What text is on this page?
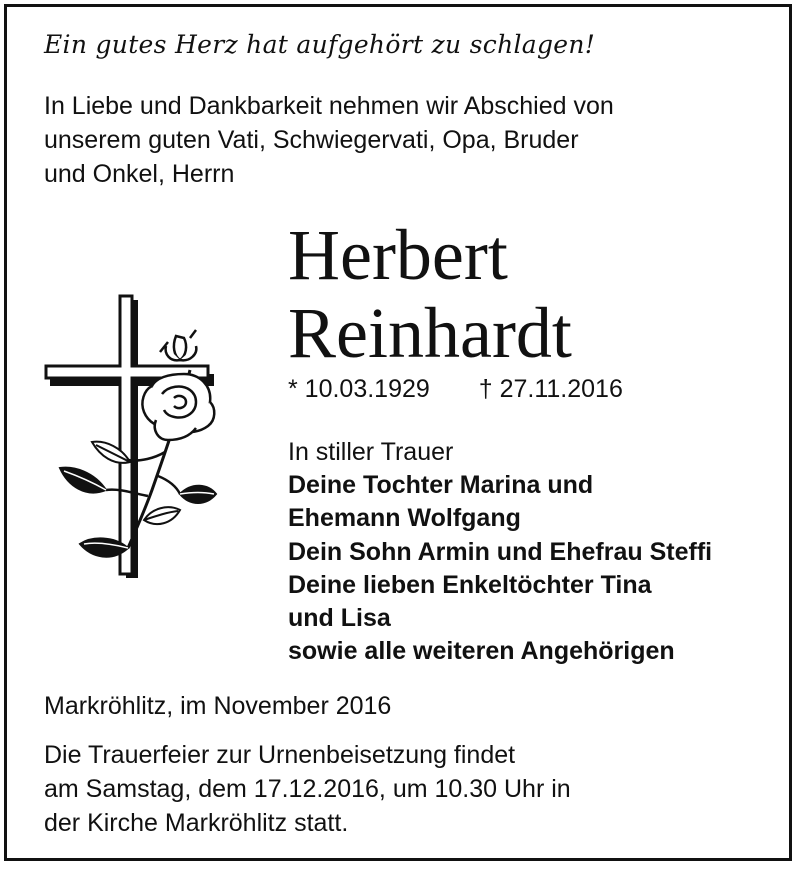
Ein gutes Herz hat aufgehört zu schlagen!

In Liebe und Dankbarkeit nehmen wir Abschied von
unserem guten Vati, Schwiegervati, Opa, Bruder
und Onkel, Herrn

Herbert
Reinhardt
* 10.03.1929 † 27.11.2016
In stiller Trauer
Deine Tochter Marina und
Ehemann Wolfgang
Dein Sohn Armin und Ehefrau Steffi
Deine lieben Enkeltöchter Tina
und Lisa
sowie alle weiteren Angehörigen
Markröhlitz, im November 2016

Die Trauerfeier zur Urnenbeisetzung findet
am Samstag, dem 17.12.2016, um 10.30 Uhr in
der Kirche Markröhlitz statt.
